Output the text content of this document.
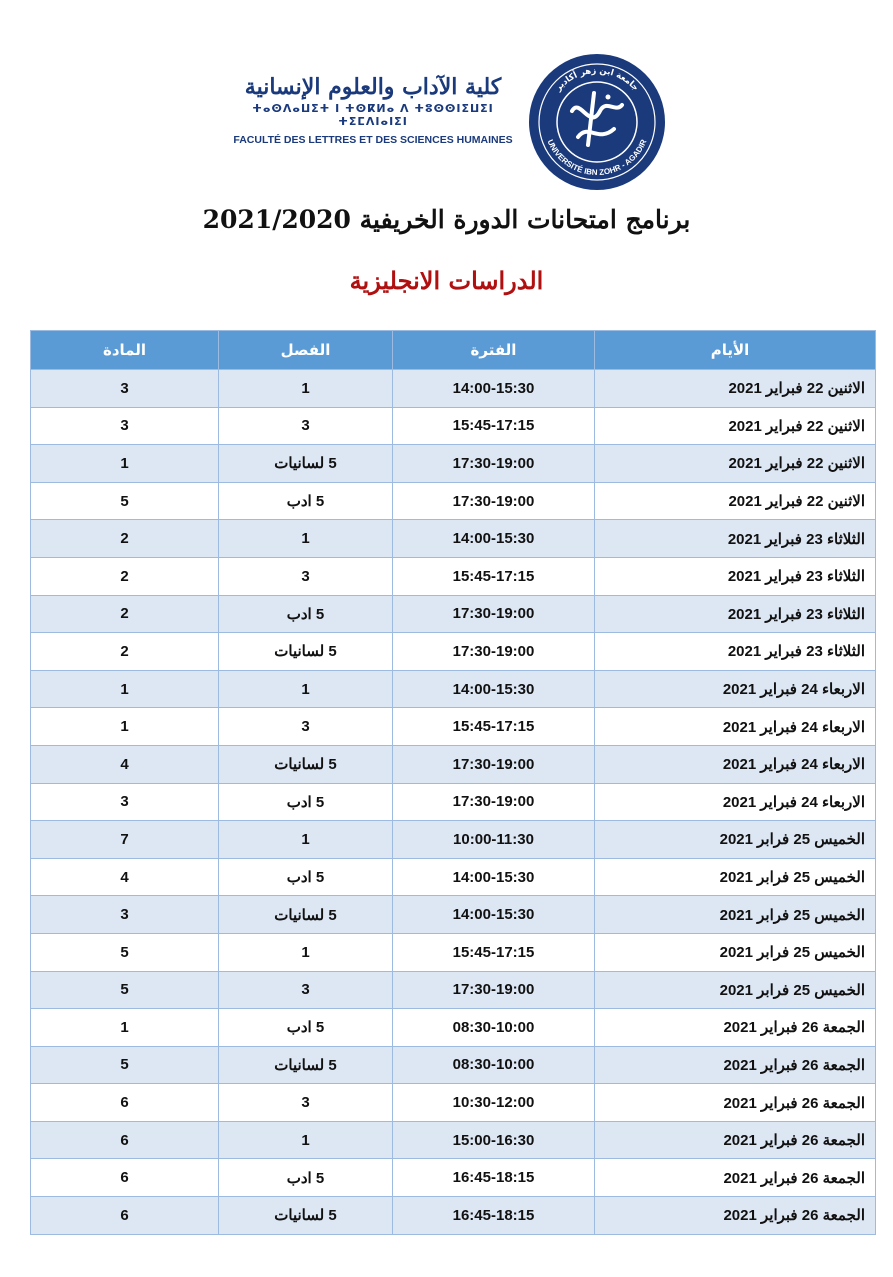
كلية الآداب والعلوم الإنسانية
ⵜⴰⵙⴷⴰⵡⵉⵜ ⵏ ⵜⵙⴽⵍⴰ ⴷ ⵜⵓⵙⵙⵏⵉⵡⵉⵏ ⵜⵉⵎⴷⵏⴰⵏⵉⵏ
FACULTÉ DES LETTRES ET DES SCIENCES HUMAINES
جامعة ابن زهر أكادير
UNIVERSITÉ IBN ZOHR - AGADIR
برنامج امتحانات الدورة الخريفية 2021/2020
الدراسات الانجليزية
الأيام	الفترة	الفصل	المادة
الاثنين 22 فبراير 2021	14:00-15:30	1	3
الاثنين 22 فبراير 2021	15:45-17:15	3	3
الاثنين 22 فبراير 2021	17:30-19:00	5 لسانيات	1
الاثنين 22 فبراير 2021	17:30-19:00	5 ادب	5
الثلاثاء 23 فبراير 2021	14:00-15:30	1	2
الثلاثاء 23 فبراير 2021	15:45-17:15	3	2
الثلاثاء 23 فبراير 2021	17:30-19:00	5 ادب	2
الثلاثاء 23 فبراير 2021	17:30-19:00	5 لسانيات	2
الاربعاء 24 فبراير 2021	14:00-15:30	1	1
الاربعاء 24 فبراير 2021	15:45-17:15	3	1
الاربعاء 24 فبراير 2021	17:30-19:00	5 لسانيات	4
الاربعاء 24 فبراير 2021	17:30-19:00	5 ادب	3
الخميس 25 فرابر 2021	10:00-11:30	1	7
الخميس 25 فرابر 2021	14:00-15:30	5 ادب	4
الخميس 25 فرابر 2021	14:00-15:30	5 لسانيات	3
الخميس 25 فرابر 2021	15:45-17:15	1	5
الخميس 25 فرابر 2021	17:30-19:00	3	5
الجمعة 26 فبراير 2021	08:30-10:00	5 ادب	1
الجمعة 26 فبراير 2021	08:30-10:00	5 لسانيات	5
الجمعة 26 فبراير 2021	10:30-12:00	3	6
الجمعة 26 فبراير 2021	15:00-16:30	1	6
الجمعة 26 فبراير 2021	16:45-18:15	5 ادب	6
الجمعة 26 فبراير 2021	16:45-18:15	5 لسانيات	6
